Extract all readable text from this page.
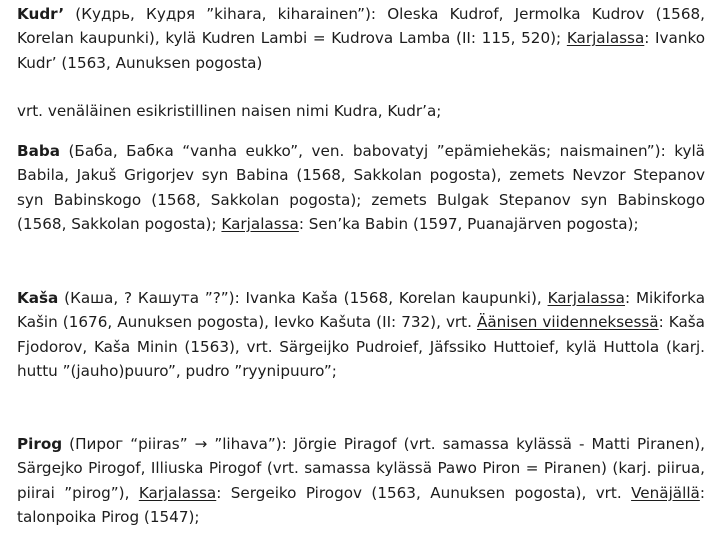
Kudr’ (Кудрь, Кудря ”kihara, kiharainen”): Oleska Kudrof, Jermolka Kudrov (1568, Korelan kaupunki), kylä Kudren Lambi = Kudrova Lamba (II: 115, 520); Karjalassa: Ivanko Kudr’ (1563, Aunuksen pogosta)

vrt. venäläinen esikristillinen naisen nimi Kudra, Kudr’a;

Baba (Баба, Бабка “vanha eukko”, ven. babovatyj ”epämiehekäs; naismainen”): kylä Babila, Jakuš Grigorjev syn Babina (1568, Sakkolan pogosta), zemets Nevzor Stepanov syn Babinskogo (1568, Sakkolan pogosta); zemets Bulgak Stepanov syn Babinskogo (1568, Sakkolan pogosta); Karjalassa: Sen’ka Babin (1597, Puanajärven pogosta);

Kaša (Каша, ? Кашута ”?”): Ivanka Kaša (1568, Korelan kaupunki), Karjalassa: Mikiforka Kašin (1676, Aunuksen pogosta), Ievko Kašuta (II: 732), vrt. Äänisen viidenneksessä: Kaša Fjodorov, Kaša Minin (1563), vrt. Särgeijko Pudroief, Jäfssiko Huttoief, kylä Huttola (karj. huttu ”(jauho)puuro”, pudro ”ryynipuuro”;

Pirog (Пирог “piiras” → ”lihava”): Jörgie Piragof (vrt. samassa kylässä - Matti Piranen), Särgejko Pirogof, Illiuska Pirogof (vrt. samassa kylässä Pawo Piron = Piranen) (karj. piirua, piirai ”pirog”), Karjalassa: Sergeiko Pirogov (1563, Aunuksen pogosta), vrt. Venäjällä: talonpoika Pirog (1547);
